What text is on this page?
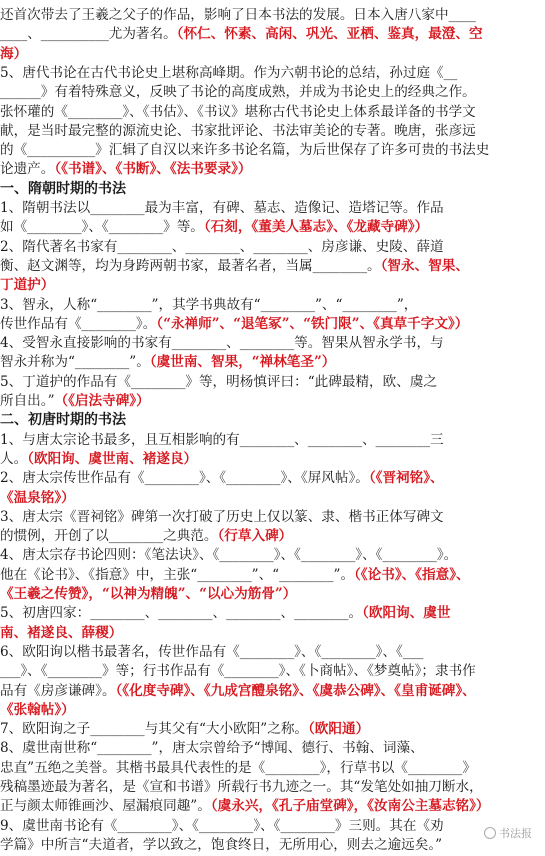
还首次带去了王羲之父子的作品，影响了日本书法的发展。日本入唐八家中____
____、__________尤为著名。（怀仁、怀素、高闲、巩光、亚栖、鉴真，最澄、空
海）
5、唐代书论在古代书论史上堪称高峰期。作为六朝书论的总结，孙过庭《__
______》有着特殊意义，反映了书论的高度成熟，并成为书论史上的经典之作。
张怀瓘的《________》、《书估》、《书议》堪称古代书论史上体系最详备的书学文
献，是当时最完整的源流史论、书家批评论、书法审美论的专著。晚唐，张彦远
的《__________》汇辑了自汉以来许多书论名篇，为后世保存了许多可贵的书法史
论遗产。（《书谱》、《书断》、《法书要录》）
一、隋朝时期的书法
1、隋朝书法以________最为丰富，有碑、墓志、造像记、造塔记等。作品
如《________》、《________》等。（石刻，《董美人墓志》、《龙藏寺碑》）
2、隋代著名书家有________、________、________、房彦谦、史陵、薛道
衡、赵文渊等，均为身跨两朝书家，最著名者，当属________。（智永、智果、
丁道护）
3、智永，人称“________”，其学书典故有“________”、“________”，
传世作品有《________》。（“永禅师”、“退笔冢”、“铁门限”、《真草千字文》）
4、受智永直接影响的书家有________、________等。智果从智永学书，与
智永并称为“________”。（虞世南、智果，“禅林笔圣”）
5、丁道护的作品有《________》等，明杨慎评曰：“此碑最精，欧、虞之
所自出。”（《启法寺碑》）
二、初唐时期的书法
1、与唐太宗论书最多，且互相影响的有________、________、________三
人。（欧阳询、虞世南、褚遂良）
2、唐太宗传世作品有《________》、《________》、《屏风帖》。（《晋祠铭》、
《温泉铭》）
3、唐太宗《晋祠铭》碑第一次打破了历史上仅以篆、隶、楷书正体写碑文
的惯例，开创了以________之典范。（行草入碑）
4、唐太宗存书论四则：《笔法诀》、《________》、《________》、《________》。
他在《论书》、《指意》中，主张“________”、“________”。（《论书》、《指意》、
《王羲之传赞》，“以神为精魄”、“以心为筋骨”）
5、初唐四家：________、________、________、________。（欧阳询、虞世
南、褚遂良、薛稷）
6、欧阳询以楷书最著名，传世作品有《________》、《________》、《___
___》、《________》等；行书作品有《________》、《卜商帖》、《梦奠帖》；隶书作
品有《房彦谦碑》。（《化度寺碑》、《九成宫醴泉铭》、《虞恭公碑》、《皇甫诞碑》、
《张翰帖》）
7、欧阳询之子________与其父有“大小欧阳”之称。（欧阳通）
8、虞世南世称“________”，唐太宗曾给予“博闻、德行、书翰、词藻、
忠直”五绝之美誉。其楷书最具代表性的是《________》，行草书以《________》
残稿墨迹最为著名，是《宣和书谱》所载行书九迹之一。其“发笔处如抽刀断水，
正与颜太师锥画沙、屋漏痕同趣”。（虞永兴，《孔子庙堂碑》，《汝南公主墓志铭》）
9、虞世南书论有《________》、《________》、《________》三则。其在《劝
学篇》中所言“夫道者，学以致之，饱食终日，无所用心，则去之逾远矣。”
书法报
